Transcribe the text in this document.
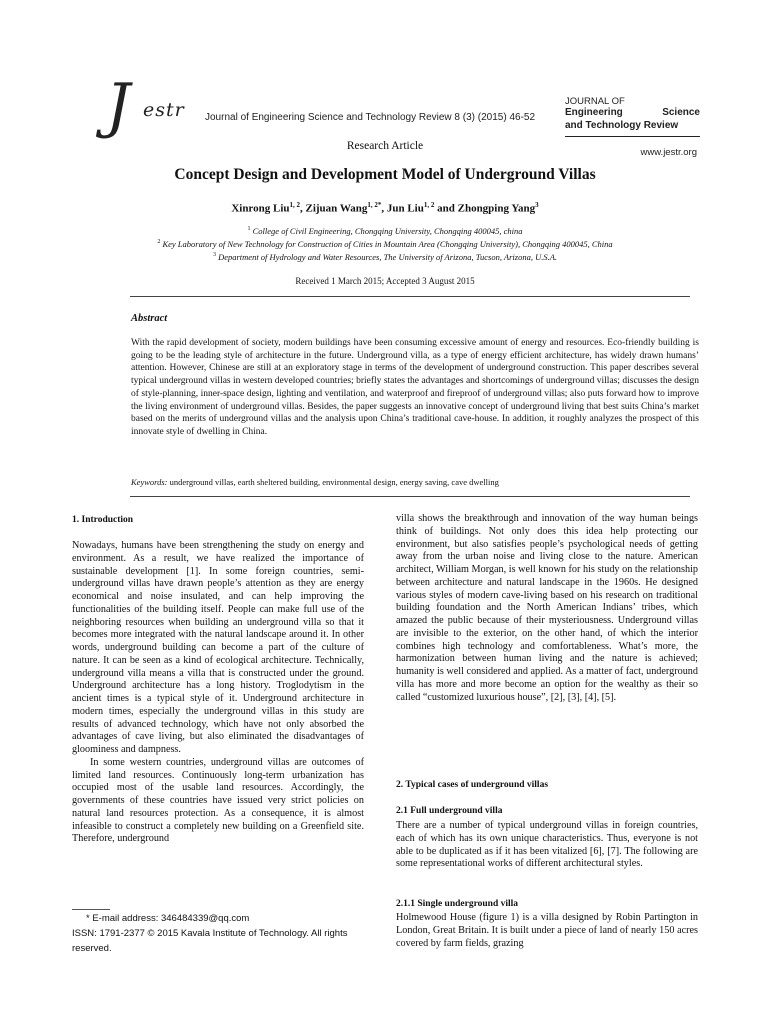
J estr Journal of Engineering Science and Technology Review 8 (3) (2015) 46-52
JOURNAL OF
Engineering	Science
and Technology Review
www.jestr.org
Research Article
Concept Design and Development Model of Underground Villas
Xinrong Liu$^{1, 2}$, Zijuan Wang$^{1, 2*}$, Jun Liu$^{1, 2}$ and Zhongping Yang$^3$
$^1$ College of Civil Engineering, Chongqing University, Chongqing 400045, china
$^2$ Key Laboratory of New Technology for Construction of Cities in Mountain Area (Chongqing University), Chongqing 400045, China
$^3$ Department of Hydrology and Water Resources, The University of Arizona, Tucson, Arizona, U.S.A.
Received 1 March 2015; Accepted 3 August 2015
Abstract
With the rapid development of society, modern buildings have been consuming excessive amount of energy and resources. Eco-friendly building is going to be the leading style of architecture in the future. Underground villa, as a type of energy efficient architecture, has widely drawn humans’ attention. However, Chinese are still at an exploratory stage in terms of the development of underground construction. This paper describes several typical underground villas in western developed countries; briefly states the advantages and shortcomings of underground villas; discusses the design of style-planning, inner-space design, lighting and ventilation, and waterproof and fireproof of underground villas; also puts forward how to improve the living environment of underground villas. Besides, the paper suggests an innovative concept of underground living that best suits China’s market based on the merits of underground villas and the analysis upon China’s traditional cave-house. In addition, it roughly analyzes the prospect of this innovate style of dwelling in China.
Keywords: underground villas, earth sheltered building, environmental design, energy saving, cave dwelling
1. Introduction

Nowadays, humans have been strengthening the study on energy and environment. As a result, we have realized the importance of sustainable development [1]. In some foreign countries, semi-underground villas have drawn people’s attention as they are energy economical and noise insulated, and can help improving the functionalities of the building itself. People can make full use of the neighboring resources when building an underground villa so that it becomes more integrated with the natural landscape around it. In other words, underground building can become a part of the culture of nature. It can be seen as a kind of ecological architecture. Technically, underground villa means a villa that is constructed under the ground. Underground architecture has a long history. Troglodytism in the ancient times is a typical style of it. Underground architecture in modern times, especially the underground villas in this study are results of advanced technology, which have not only absorbed the advantages of cave living, but also eliminated the disadvantages of gloominess and dampness.

In some western countries, underground villas are outcomes of limited land resources. Continuously long-term urbanization has occupied most of the usable land resources. Accordingly, the governments of these countries have issued very strict policies on natural land resources protection. As a consequence, it is almost infeasible to construct a completely new building on a Greenfield site. Therefore, underground

villa shows the breakthrough and innovation of the way human beings think of buildings. Not only does this idea help protecting our environment, but also satisfies people’s psychological needs of getting away from the urban noise and living close to the nature. American architect, William Morgan, is well known for his study on the relationship between architecture and natural landscape in the 1960s. He designed various styles of modern cave-living based on his research on traditional building foundation and the North American Indians’ tribes, which amazed the public because of their mysteriousness. Underground villas are invisible to the exterior, on the other hand, of which the interior combines high technology and comfortableness. What’s more, the harmonization between human living and the nature is achieved; humanity is well considered and applied. As a matter of fact, underground villa has more and more become an option for the wealthy as their so called “customized luxurious house”, [2], [3], [4], [5].

2. Typical cases of underground villas
2.1 Full underground villa

There are a number of typical underground villas in foreign countries, each of which has its own unique characteristics. Thus, everyone is not able to be duplicated as if it has been vitalized [6], [7]. The following are some representational works of different architectural styles.

2.1.1 Single underground villa

Holmewood House (figure 1) is a villa designed by Robin Partington in London, Great Britain. It is built under a piece of land of nearly 150 acres covered by farm fields, grazing

* E-mail address: 346484339@qq.com
ISSN: 1791-2377 © 2015 Kavala Institute of Technology. All rights reserved.
